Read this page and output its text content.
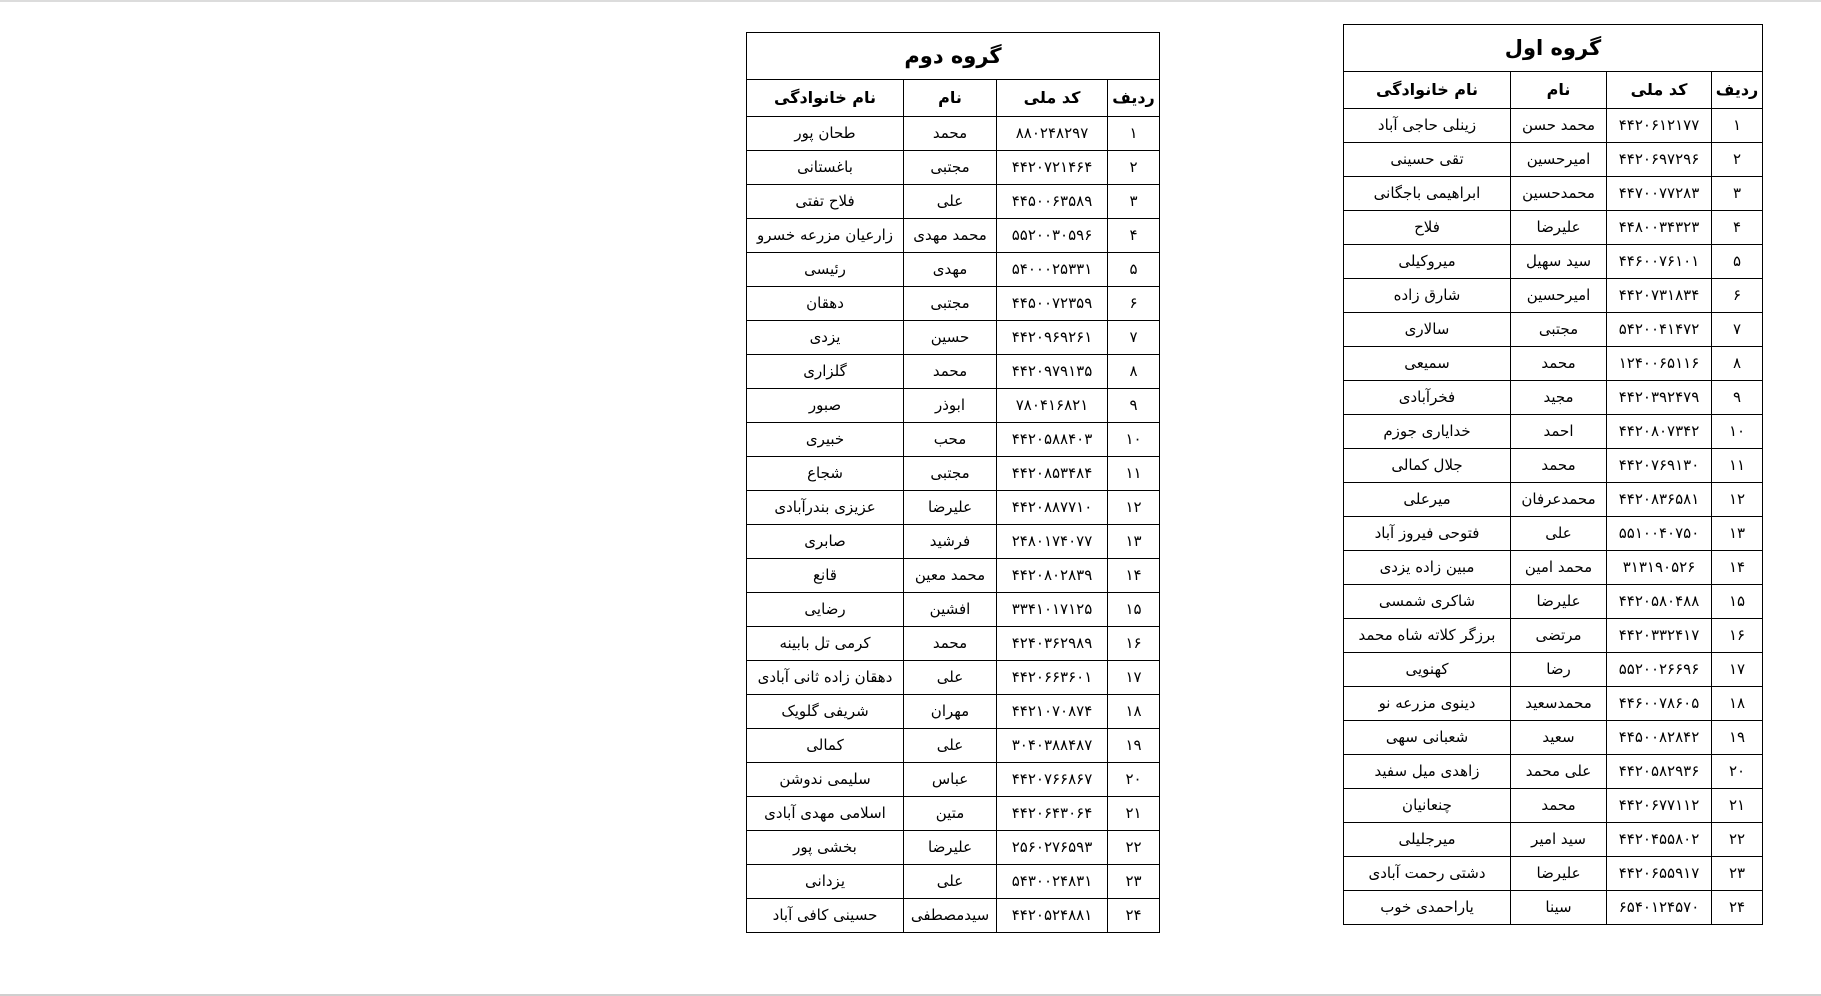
گروه اول			
ردیف	کد ملی	نام	نام خانوادگی
۱	۴۴۲۰۶۱۲۱۷۷	محمد حسن	زینلی حاجی آباد
۲	۴۴۲۰۶۹۷۲۹۶	امیرحسین	تقی حسینی
۳	۴۴۷۰۰۷۷۲۸۳	محمدحسین	ابراهیمی باجگانی
۴	۴۴۸۰۰۳۴۳۲۳	علیرضا	فلاح
۵	۴۴۶۰۰۷۶۱۰۱	سید سهیل	میروکیلی
۶	۴۴۲۰۷۳۱۸۳۴	امیرحسین	شارق زاده
۷	۵۴۲۰۰۴۱۴۷۲	مجتبی	سالاری
۸	۱۲۴۰۰۶۵۱۱۶	محمد	سمیعی
۹	۴۴۲۰۳۹۲۴۷۹	مجید	فخرآبادی
۱۰	۴۴۲۰۸۰۷۳۴۲	احمد	خدایاری جوزم
۱۱	۴۴۲۰۷۶۹۱۳۰	محمد	جلال کمالی
۱۲	۴۴۲۰۸۳۶۵۸۱	محمدعرفان	میرعلی
۱۳	۵۵۱۰۰۴۰۷۵۰	علی	فتوحی فیروز آباد
۱۴	۳۱۳۱۹۰۵۲۶	محمد امین	مبین زاده یزدی
۱۵	۴۴۲۰۵۸۰۴۸۸	علیرضا	شاکری شمسی
۱۶	۴۴۲۰۳۳۲۴۱۷	مرتضی	برزگر کلاته شاه محمد
۱۷	۵۵۲۰۰۲۶۶۹۶	رضا	کهنویی
۱۸	۴۴۶۰۰۷۸۶۰۵	محمدسعید	دینوی مزرعه نو
۱۹	۴۴۵۰۰۸۲۸۴۲	سعید	شعبانی سهی
۲۰	۴۴۲۰۵۸۲۹۳۶	علی محمد	زاهدی میل سفید
۲۱	۴۴۲۰۶۷۷۱۱۲	محمد	چنعانیان
۲۲	۴۴۲۰۴۵۵۸۰۲	سید امیر	میرجلیلی
۲۳	۴۴۲۰۶۵۵۹۱۷	علیرضا	دشتی رحمت آبادی
۲۴	۶۵۴۰۱۲۴۵۷۰	سینا	یاراحمدی خوب
گروه دوم			
ردیف	کد ملی	نام	نام خانوادگی
۱	۸۸۰۲۴۸۲۹۷	محمد	طحان پور
۲	۴۴۲۰۷۲۱۴۶۴	مجتبی	باغستانی
۳	۴۴۵۰۰۶۳۵۸۹	علی	فلاح تفتی
۴	۵۵۲۰۰۳۰۵۹۶	محمد مهدی	زارعیان مزرعه خسرو
۵	۵۴۰۰۰۲۵۳۳۱	مهدی	رئیسی
۶	۴۴۵۰۰۷۲۳۵۹	مجتبی	دهقان
۷	۴۴۲۰۹۶۹۲۶۱	حسین	یزدی
۸	۴۴۲۰۹۷۹۱۳۵	محمد	گلزاری
۹	۷۸۰۴۱۶۸۲۱	ابوذر	صبور
۱۰	۴۴۲۰۵۸۸۴۰۳	محب	خبیری
۱۱	۴۴۲۰۸۵۳۴۸۴	مجتبی	شجاع
۱۲	۴۴۲۰۸۸۷۷۱۰	علیرضا	عزیزی بندرآبادی
۱۳	۲۴۸۰۱۷۴۰۷۷	فرشید	صابری
۱۴	۴۴۲۰۸۰۲۸۳۹	محمد معین	قانع
۱۵	۳۳۴۱۰۱۷۱۲۵	افشین	رضایی
۱۶	۴۲۴۰۳۶۲۹۸۹	محمد	کرمی تل بابینه
۱۷	۴۴۲۰۶۶۳۶۰۱	علی	دهقان زاده ثانی آبادی
۱۸	۴۴۲۱۰۷۰۸۷۴	مهران	شریفی گلویک
۱۹	۳۰۴۰۳۸۸۴۸۷	علی	کمالی
۲۰	۴۴۲۰۷۶۶۸۶۷	عباس	سلیمی ندوشن
۲۱	۴۴۲۰۶۴۳۰۶۴	متین	اسلامی مهدی آبادی
۲۲	۲۵۶۰۲۷۶۵۹۳	علیرضا	بخشی پور
۲۳	۵۴۳۰۰۲۴۸۳۱	علی	یزدانی
۲۴	۴۴۲۰۵۲۴۸۸۱	سیدمصطفی	حسینی کافی آباد
